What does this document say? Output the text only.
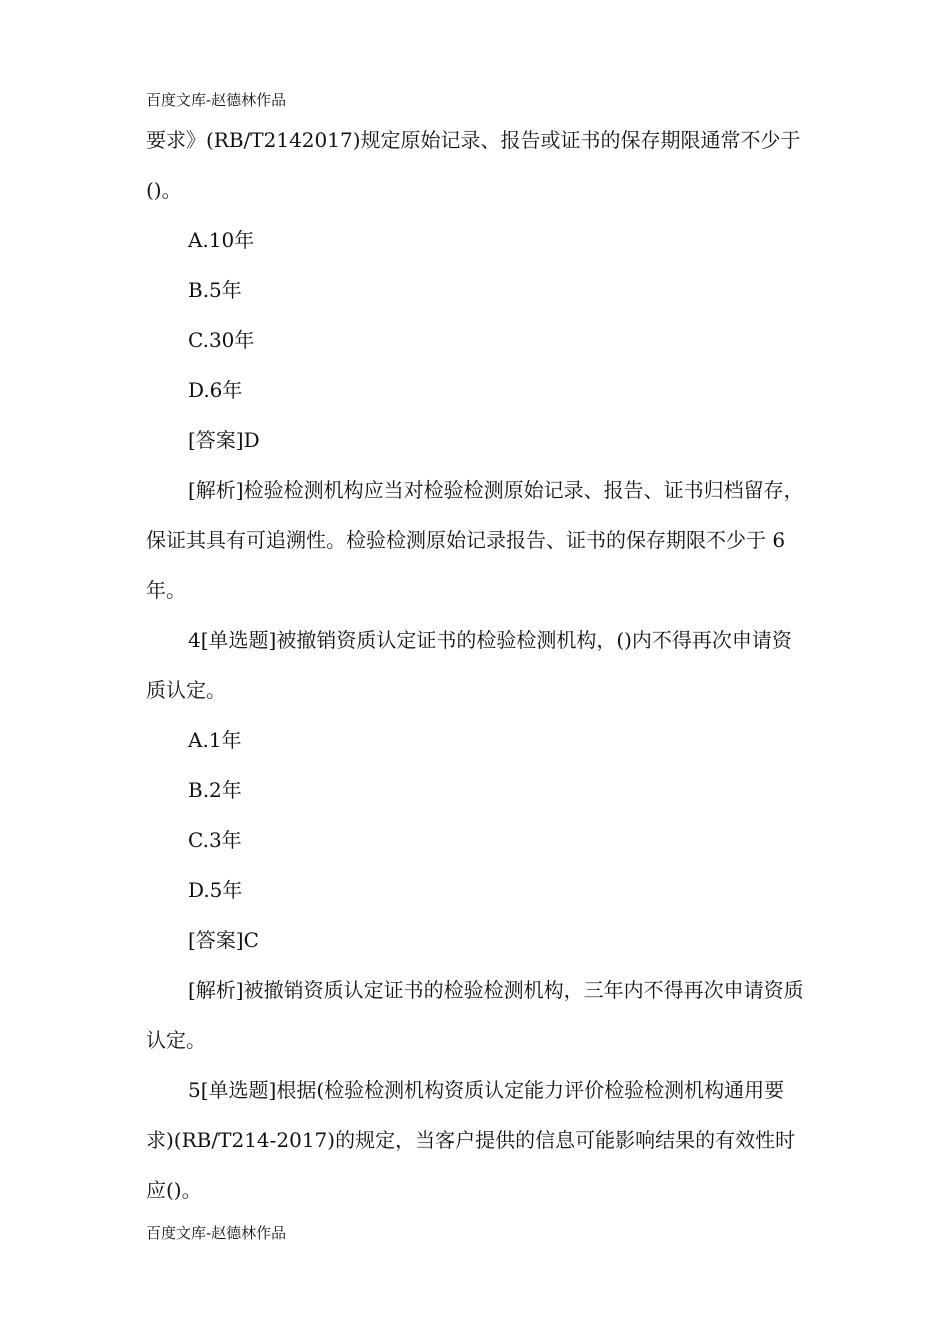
百度文库-赵德林作品

要求》(RB/T2142017)规定原始记录、报告或证书的保存期限通常不少于()。

A.10年

B.5年

C.30年

D.6年

[答案]D

[解析]检验检测机构应当对检验检测原始记录、报告、证书归档留存，保证其具有可追溯性。检验检测原始记录报告、证书的保存期限不少于 6 年。

4[单选题]被撤销资质认定证书的检验检测机构，()内不得再次申请资质认定。

A.1年

B.2年

C.3年

D.5年

[答案]C

[解析]被撤销资质认定证书的检验检测机构，三年内不得再次申请资质认定。

5[单选题]根据(检验检测机构资质认定能力评价检验检测机构通用要求)(RB/T214-2017)的规定，当客户提供的信息可能影响结果的有效性时应()。

百度文库-赵德林作品
